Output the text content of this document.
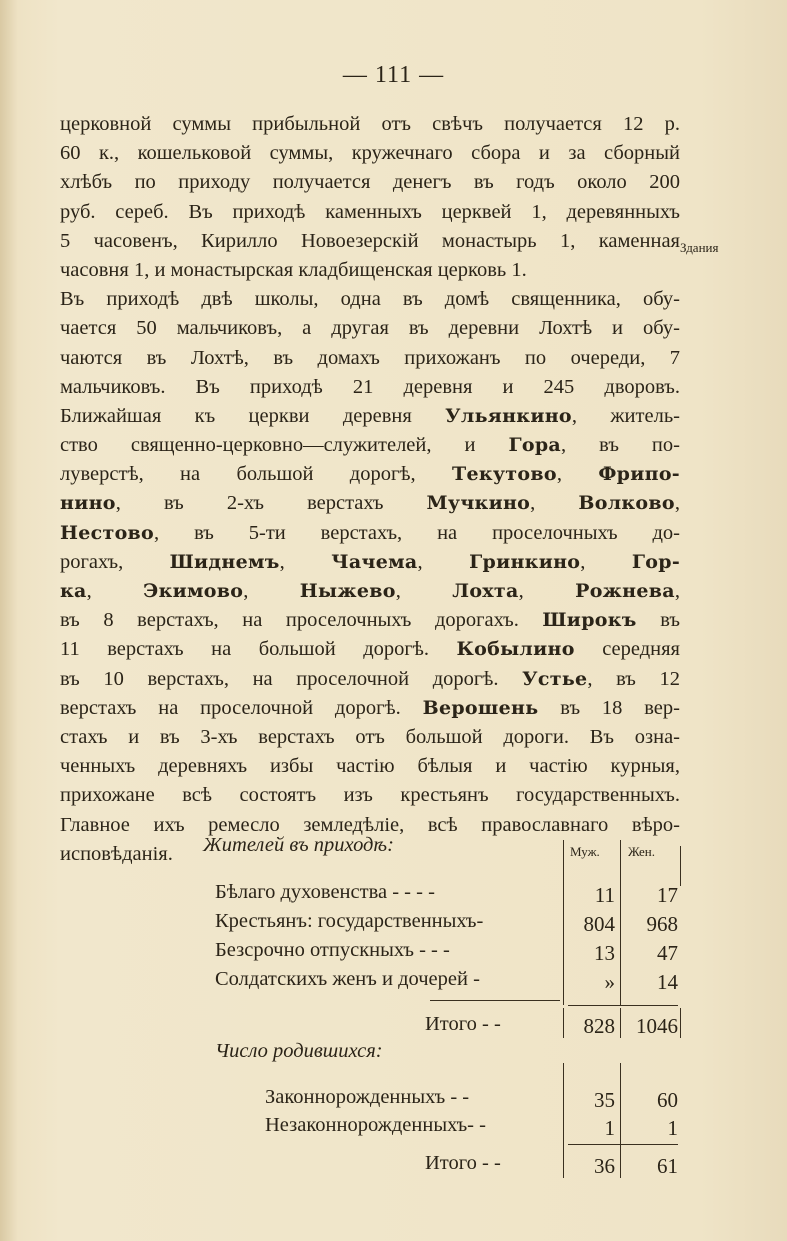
— 111 —
Здания
церковной суммы прибыльной отъ свѣчъ получается 12 р.
60 к., кошельковой суммы, кружечнаго сбора и за сборный
хлѣбъ по приходу получается денегъ въ годъ около 200
руб. серeб. Въ приходѣ каменныхъ церквей 1, деревянныхъ
5 часовенъ, Кирилло Новоезерскій монастырь 1, каменная
часовня 1, и монастырская кладбищенская церковь 1.
Въ приходѣ двѣ школы, одна въ домѣ священника, обу-
чается 50 мальчиковъ, а другая въ деревни Лохтѣ и обу-
чаются въ Лохтѣ, въ домахъ прихожанъ по очереди, 7
мальчиковъ. Въ приходѣ 21 деревня и 245 дворовъ.
Ближайшая къ церкви деревня Ульянкино, житель-
ство священно-церковно—служителей, и Гора, въ по-
луверстѣ, на большой дорогѣ, Текутово, Фрипо-
нино, въ 2-хъ верстахъ Мучкино, Волково,
Нестово, въ 5-ти верстахъ, на проселочныхъ до-
рогахъ, Шиднемъ, Чачема, Гринкино, Гор-
ка, Экимово, Ныжево, Лохта, Рожнева,
въ 8 верстахъ, на проселочныхъ дорогахъ. Широкъ въ
11 верстахъ на большой дорогѣ. Кобылино середняя
въ 10 верстахъ, на проселочной дорогѣ. Устье, въ 12
верстахъ на проселочной дорогѣ. Верошень въ 18 вер-
стахъ и въ 3-хъ верстахъ отъ большой дороги. Въ озна-
ченныхъ деревняхъ избы частію бѣлыя и частію курныя,
прихожане всѣ состоятъ изъ крестьянъ государственныхъ.
Главное ихъ ремесло земледѣліе, всѣ православнаго вѣро-
исповѣданія.	Жителей въ приходѣ:	Муж. Жен.
Бѣлаго духовенства - - - -	11	17
Крестьянъ: государственныхъ-	804	968
Безсрочно отпускныхъ - - -	13	47
Солдатскихъ женъ и дочерей -	»	14
Итого - -	828	1046
Число родившихся:
Законнорожденныхъ - -	35	60
Незаконнорожденныхъ- -	1	1
Итого - -	36	61
